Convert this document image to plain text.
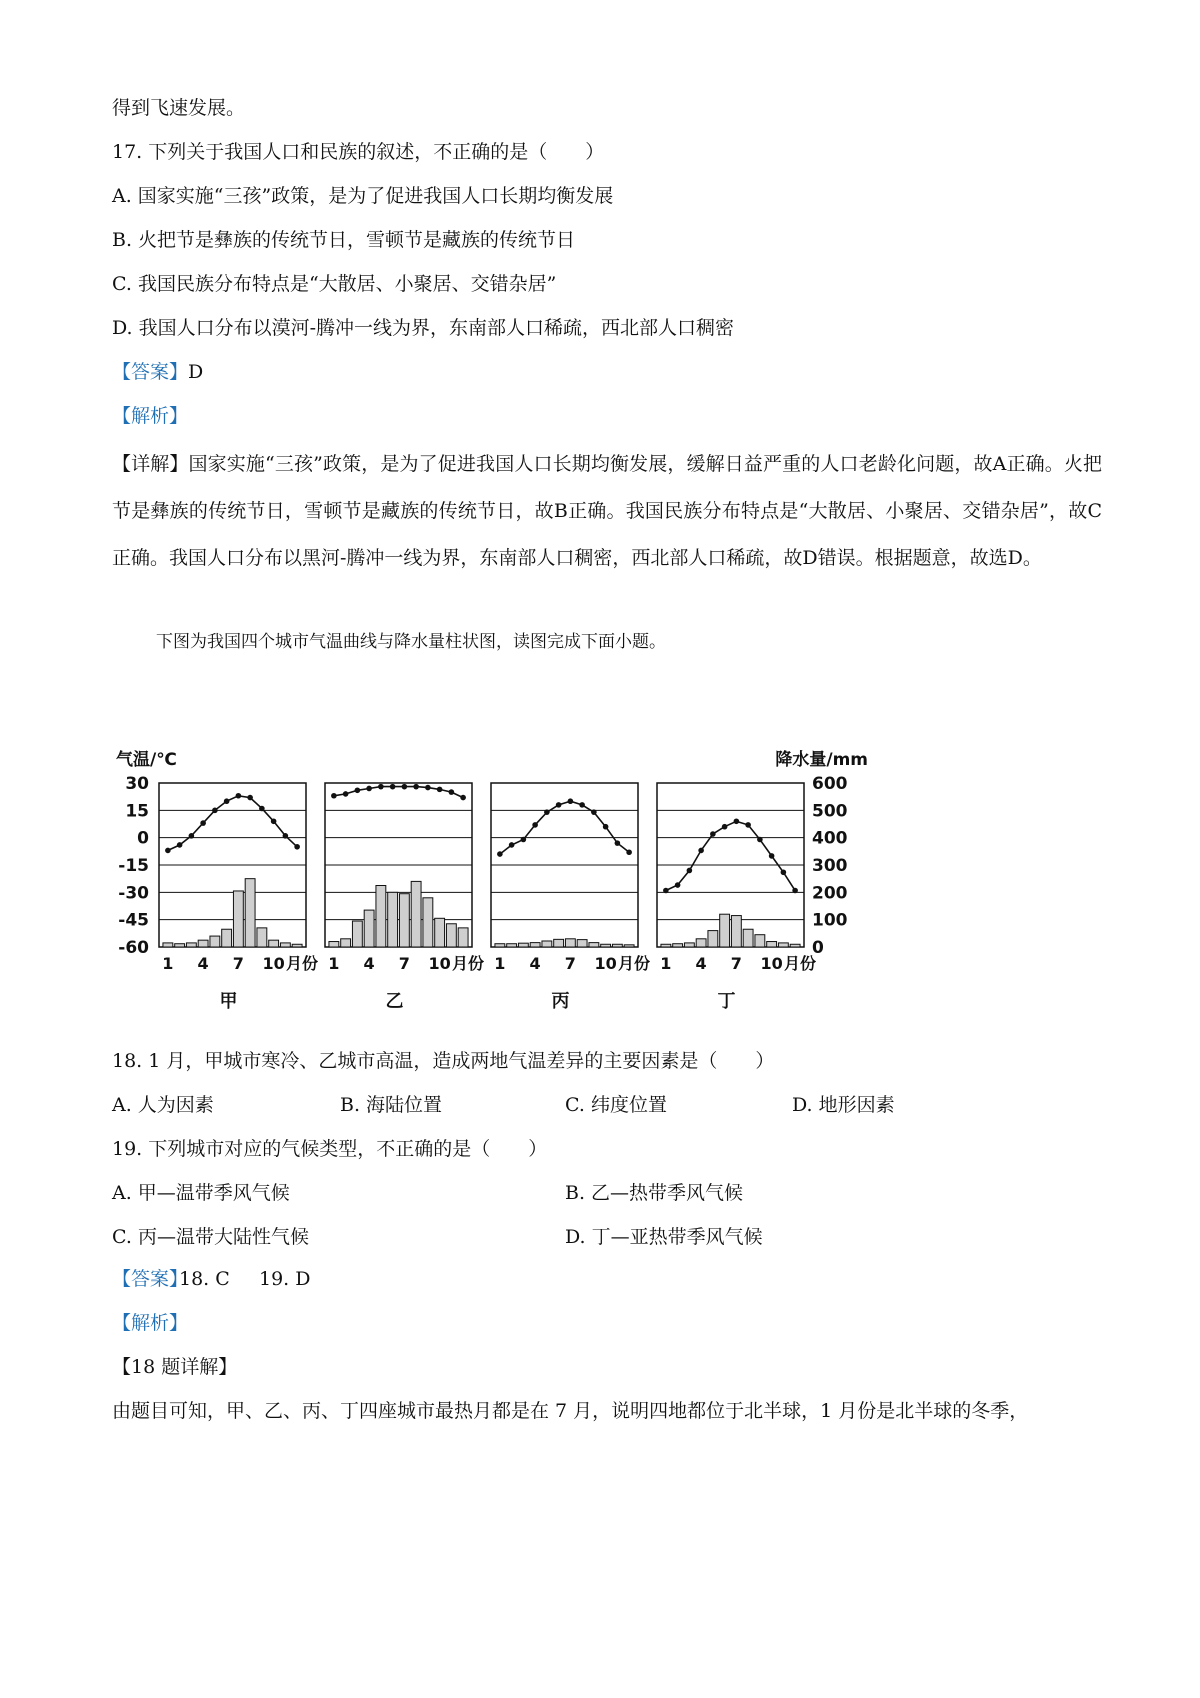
得到飞速发展。
17. 下列关于我国人口和民族的叙述，不正确的是（　　）
A. 国家实施“三孩”政策，是为了促进我国人口长期均衡发展
B. 火把节是彝族的传统节日，雪顿节是藏族的传统节日
C. 我国民族分布特点是“大散居、小聚居、交错杂居”
D. 我国人口分布以漠河-腾冲一线为界，东南部人口稀疏，西北部人口稠密
【答案】D
【解析】
【详解】国家实施“三孩”政策，是为了促进我国人口长期均衡发展，缓解日益严重的人口老龄化问题，故A正确。火把节是彝族的传统节日，雪顿节是藏族的传统节日，故B正确。我国民族分布特点是“大散居、小聚居、交错杂居”，故C正确。我国人口分布以黑河-腾冲一线为界，东南部人口稠密，西北部人口稀疏，故D错误。根据题意，故选D。
下图为我国四个城市气温曲线与降水量柱状图，读图完成下面小题。
气温/℃	降水量/mm
30
15
0
-15
-30
-45
-60
600
500
400
300
200
100
0
1 4 7 10 月份
甲
1 4 7 10 月份
乙
1 4 7 10 月份
丙
1 4 7 10 月份
丁
18. 1 月，甲城市寒冷、乙城市高温，造成两地气温差异的主要因素是（　　）
A. 人为因素	B. 海陆位置	C. 纬度位置	D. 地形因素
19. 下列城市对应的气候类型，不正确的是（　　）
A. 甲—温带季风气候	B. 乙—热带季风气候
C. 丙—温带大陆性气候	D. 丁—亚热带季风气候
【答案】
18. C 19. D
【解析】
【18 题详解】
由题目可知，甲、乙、丙、丁四座城市最热月都是在 7 月，说明四地都位于北半球，1 月份是北半球的冬季，
